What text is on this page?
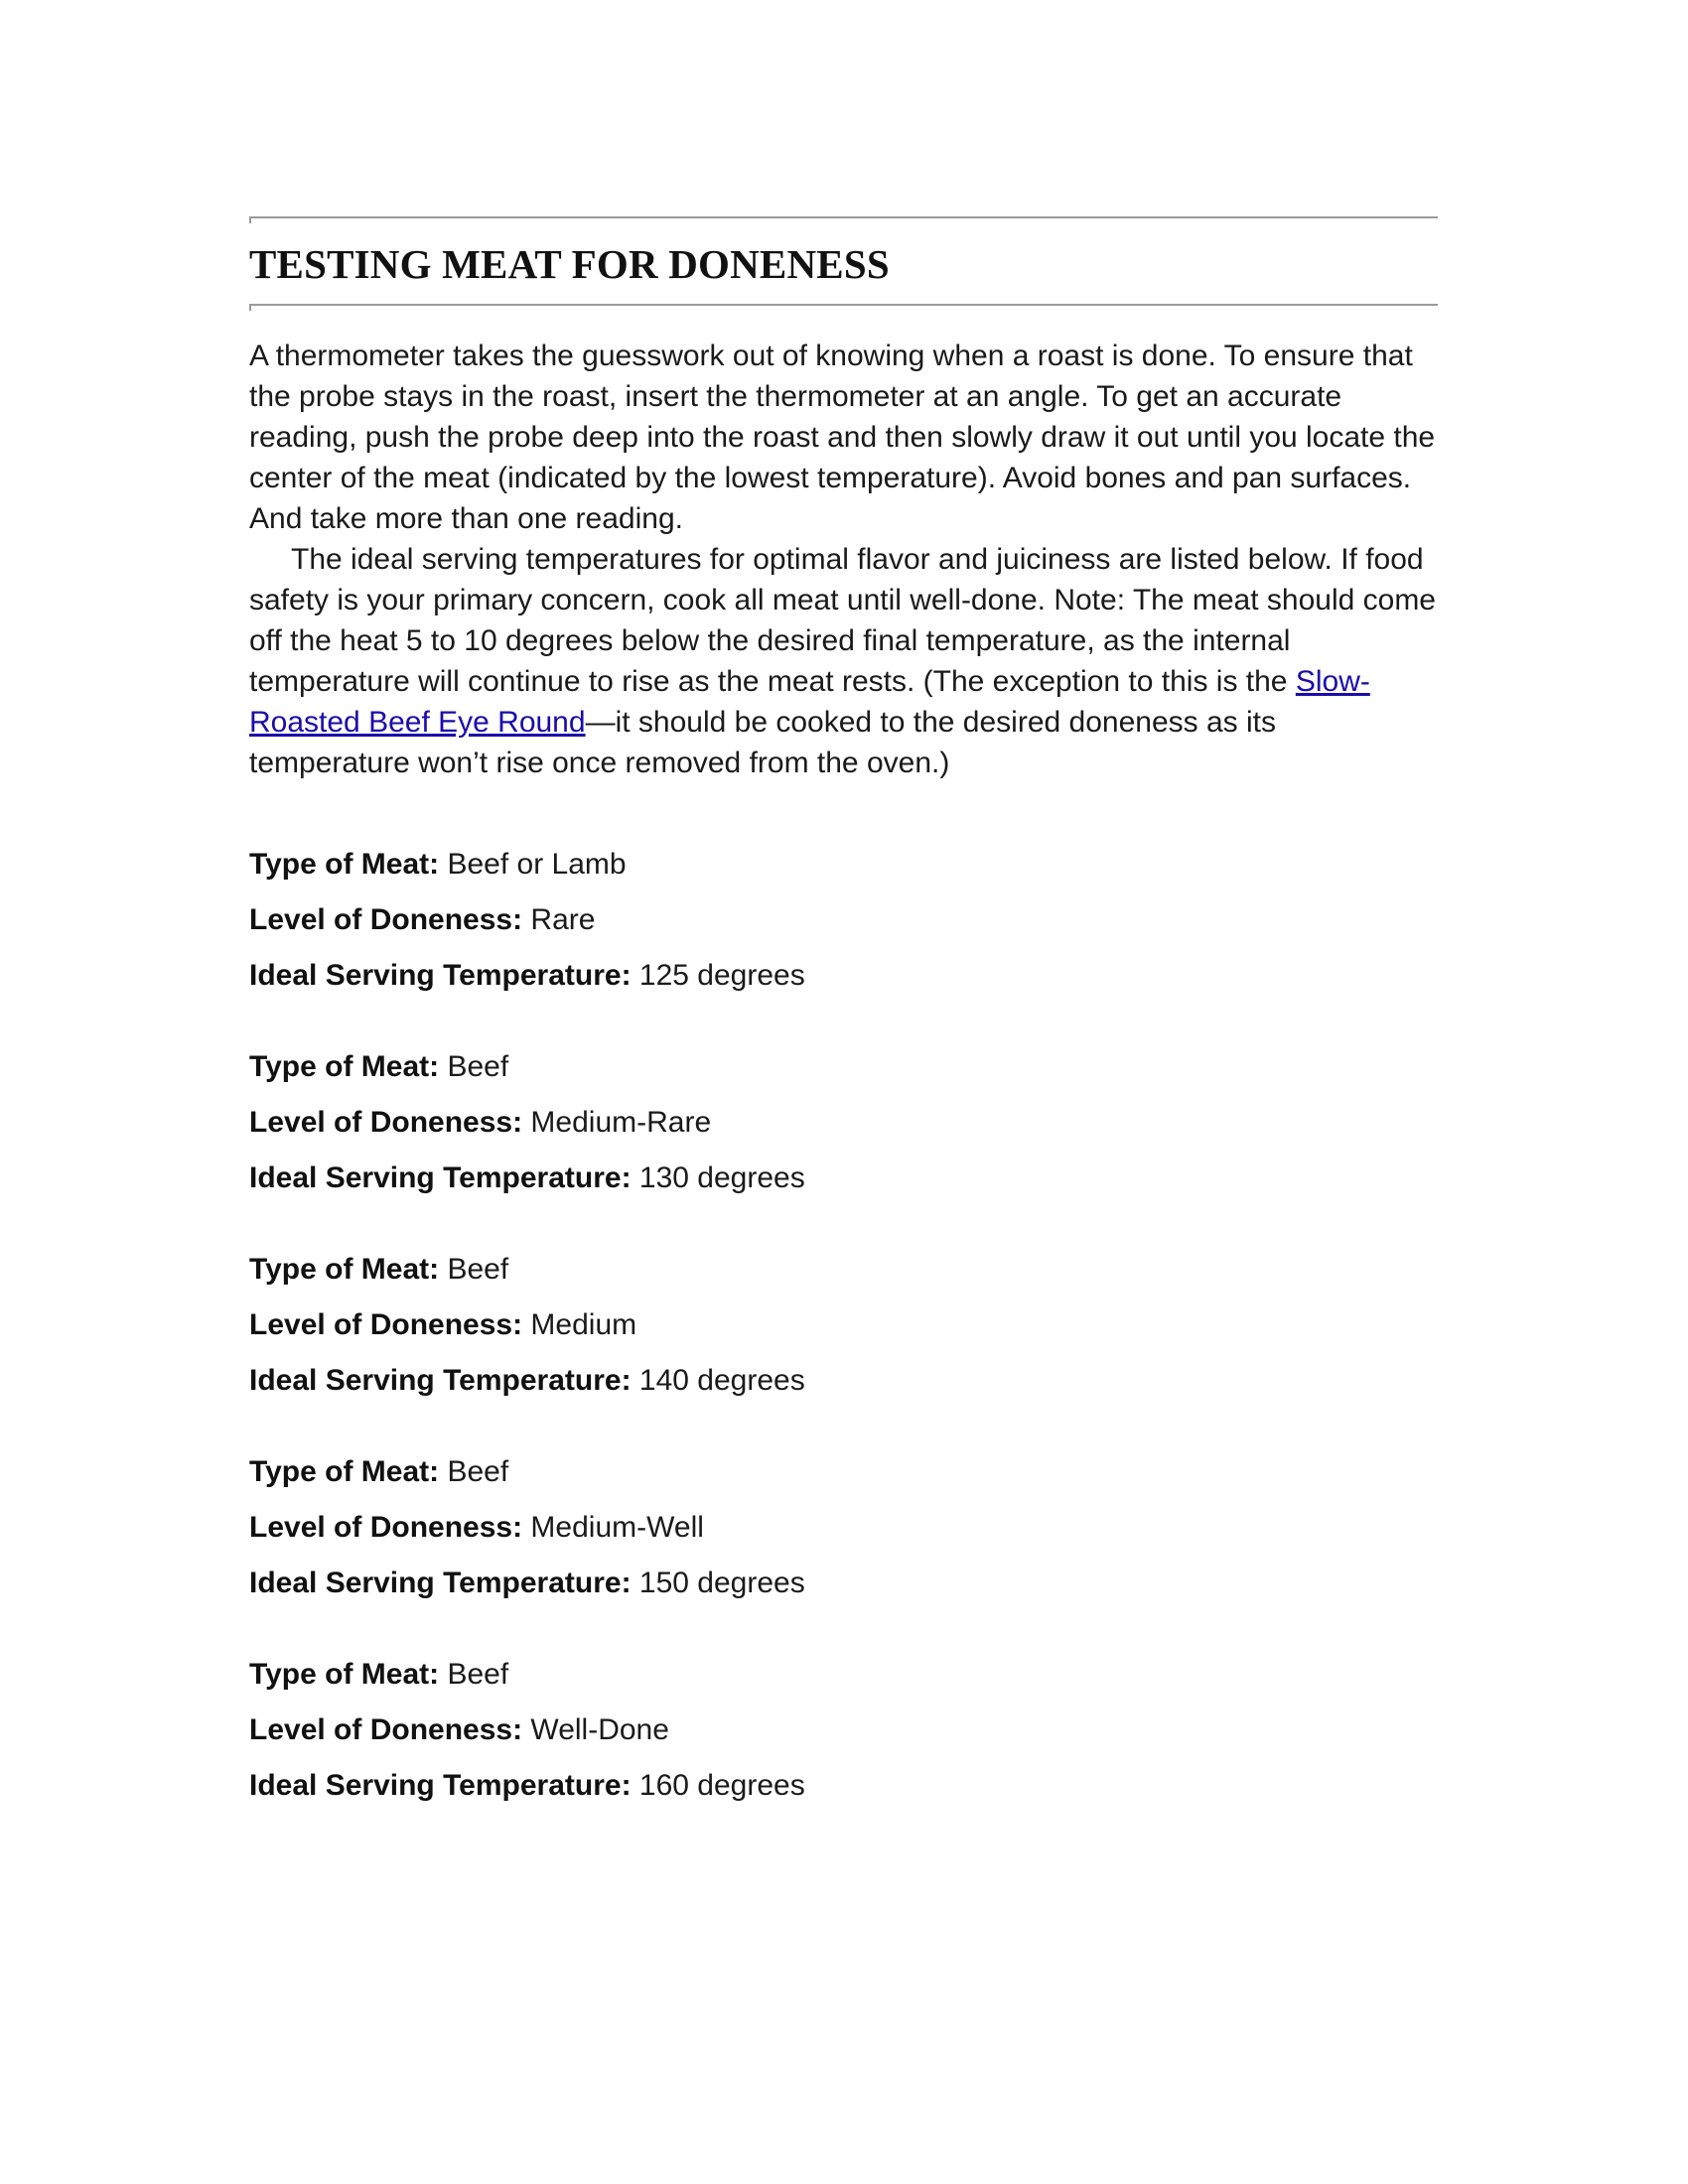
TESTING MEAT FOR DONENESS

A thermometer takes the guesswork out of knowing when a roast is done. To ensure that the probe stays in the roast, insert the thermometer at an angle. To get an accurate reading, push the probe deep into the roast and then slowly draw it out until you locate the center of the meat (indicated by the lowest temperature). Avoid bones and pan surfaces. And take more than one reading.

The ideal serving temperatures for optimal flavor and juiciness are listed below. If food safety is your primary concern, cook all meat until well-done. Note: The meat should come off the heat 5 to 10 degrees below the desired final temperature, as the internal temperature will continue to rise as the meat rests. (The exception to this is the Slow-Roasted Beef Eye Round—it should be cooked to the desired doneness as its temperature won’t rise once removed from the oven.)

Type of Meat: Beef or Lamb
Level of Doneness: Rare
Ideal Serving Temperature: 125 degrees
Type of Meat: Beef
Level of Doneness: Medium-Rare
Ideal Serving Temperature: 130 degrees
Type of Meat: Beef
Level of Doneness: Medium
Ideal Serving Temperature: 140 degrees
Type of Meat: Beef
Level of Doneness: Medium-Well
Ideal Serving Temperature: 150 degrees
Type of Meat: Beef
Level of Doneness: Well-Done
Ideal Serving Temperature: 160 degrees
